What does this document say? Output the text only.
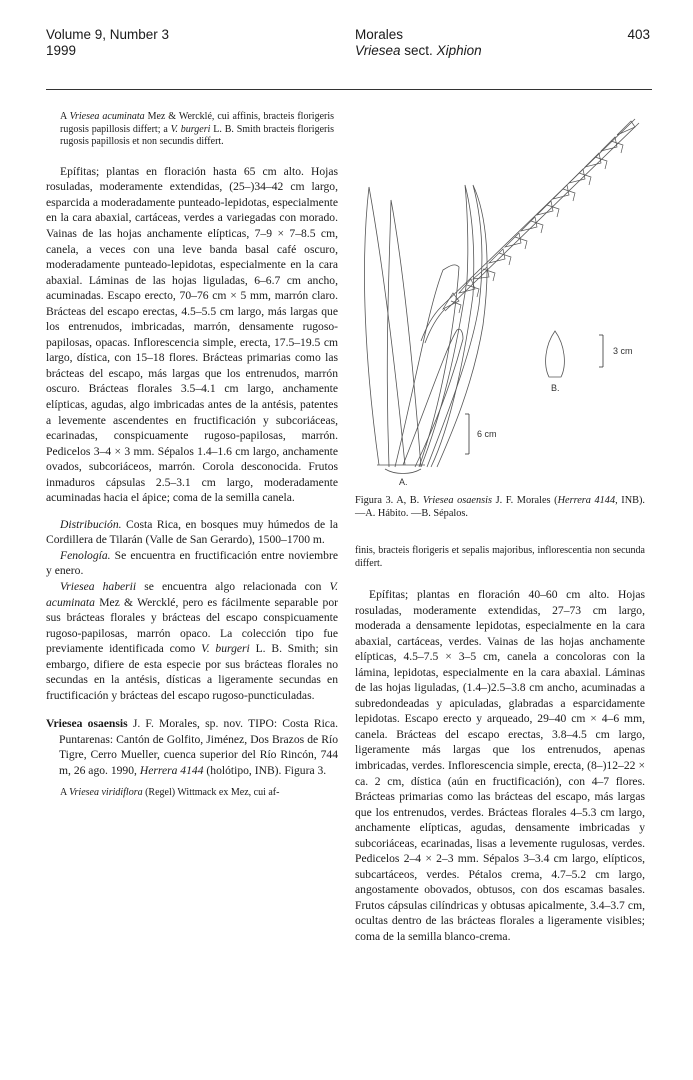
Volume 9, Number 3
1999
Morales
Vriesea sect. Xiphion
403

A Vriesea acuminata Mez & Wercklé, cui affinis, bracteis florigeris rugosis papillosis differt; a V. burgeri L. B. Smith bracteis florigeris rugosis papillosis et non secundis differt.

Epífitas; plantas en floración hasta 65 cm alto. Hojas rosuladas, moderamente extendidas, (25–)34–42 cm largo, esparcida a moderadamente punteado-lepidotas, especialmente en la cara abaxial, cartáceas, verdes a variegadas con morado. Vainas de las hojas anchamente elípticas, 7–9 × 7–8.5 cm, canela, a veces con una leve banda basal café oscuro, moderadamente punteado-lepidotas, especialmente en la cara abaxial. Láminas de las hojas liguladas, 6–6.7 cm ancho, acuminadas. Escapo erecto, 70–76 cm × 5 mm, marrón claro. Brácteas del escapo erectas, 4.5–5.5 cm largo, más largas que los entrenudos, imbricadas, marrón, densamente rugoso-papilosas, opacas. Inflorescencia simple, erecta, 17.5–19.5 cm largo, dística, con 15–18 flores. Brácteas primarias como las brácteas del escapo, más largas que los entrenudos, marrón oscuro. Brácteas florales 3.5–4.1 cm largo, anchamente elípticas, agudas, algo imbricadas antes de la antésis, patentes a levemente ascendentes en fructificación y subcoriáceas, ecarinadas, conspicuamente rugoso-papilosas, marrón. Pedicelos 3–4 × 3 mm. Sépalos 1.4–1.6 cm largo, anchamente ovados, subcoriáceos, marrón. Corola desconocida. Frutos inmaduros cápsulas 2.5–3.1 cm largo, moderadamente acuminadas hacia el ápice; coma de la semilla canela.

Distribución. Costa Rica, en bosques muy húmedos de la Cordillera de Tilarán (Valle de San Gerardo), 1500–1700 m.

Fenología. Se encuentra en fructificación entre noviembre y enero.

Vriesea haberii se encuentra algo relacionada con V. acuminata Mez & Wercklé, pero es fácilmente separable por sus brácteas florales y brácteas del escapo conspicuamente rugoso-papilosas, marrón opaco. La colección tipo fue previamente identificada como V. burgeri L. B. Smith; sin embargo, difiere de esta especie por sus brácteas florales no secundas en la antésis, dísticas a ligeramente secundas en fructificación y brácteas del escapo rugoso-puncticuladas.

Vriesea osaensis J. F. Morales, sp. nov. TIPO: Costa Rica. Puntarenas: Cantón de Golfito, Jiménez, Dos Brazos de Río Tigre, Cerro Mueller, cuenca superior del Río Rincón, 744 m, 26 ago. 1990, Herrera 4144 (holótipo, INB). Figura 3.

A Vriesea viridiflora (Regel) Wittmack ex Mez, cui af-

6 cm
3 cm
A.
B.
Figura 3. A, B. Vriesea osaensis J. F. Morales (Herrera 4144, INB). —A. Hábito. —B. Sépalos.
finis, bracteis florigeris et sepalis majoribus, inflorescentia non secunda differt.

Epífitas; plantas en floración 40–60 cm alto. Hojas rosuladas, moderamente extendidas, 27–73 cm largo, moderada a densamente lepidotas, especialmente en la cara abaxial, cartáceas, verdes. Vainas de las hojas anchamente elípticas, 4.5–7.5 × 3–5 cm, canela a concoloras con la lámina, lepidotas, especialmente en la cara abaxial. Láminas de las hojas liguladas, (1.4–)2.5–3.8 cm ancho, acuminadas a subredondeadas y apiculadas, glabradas a esparcidamente lepidotas. Escapo erecto y arqueado, 29–40 cm × 4–6 mm, canela. Brácteas del escapo erectas, 3.8–4.5 cm largo, ligeramente más largas que los entrenudos, apenas imbricadas, verdes. Inflorescencia simple, erecta, (8–)12–22 × ca. 2 cm, dística (aún en fructificación), con 4–7 flores. Brácteas primarias como las brácteas del escapo, más largas que los entrenudos, verdes. Brácteas florales 4–5.3 cm largo, anchamente elípticas, agudas, densamente imbricadas y subcoriáceas, ecarinadas, lisas a levemente rugulosas, verdes. Pedicelos 2–4 × 2–3 mm. Sépalos 3–3.4 cm largo, elípticos, subcartáceos, verdes. Pétalos crema, 4.7–5.2 cm largo, angostamente obovados, obtusos, con dos escamas basales. Frutos cápsulas cilíndricas y obtusas apicalmente, 3.4–3.7 cm, ocultas dentro de las brácteas florales a ligeramente visibles; coma de la semilla blanco-crema.
